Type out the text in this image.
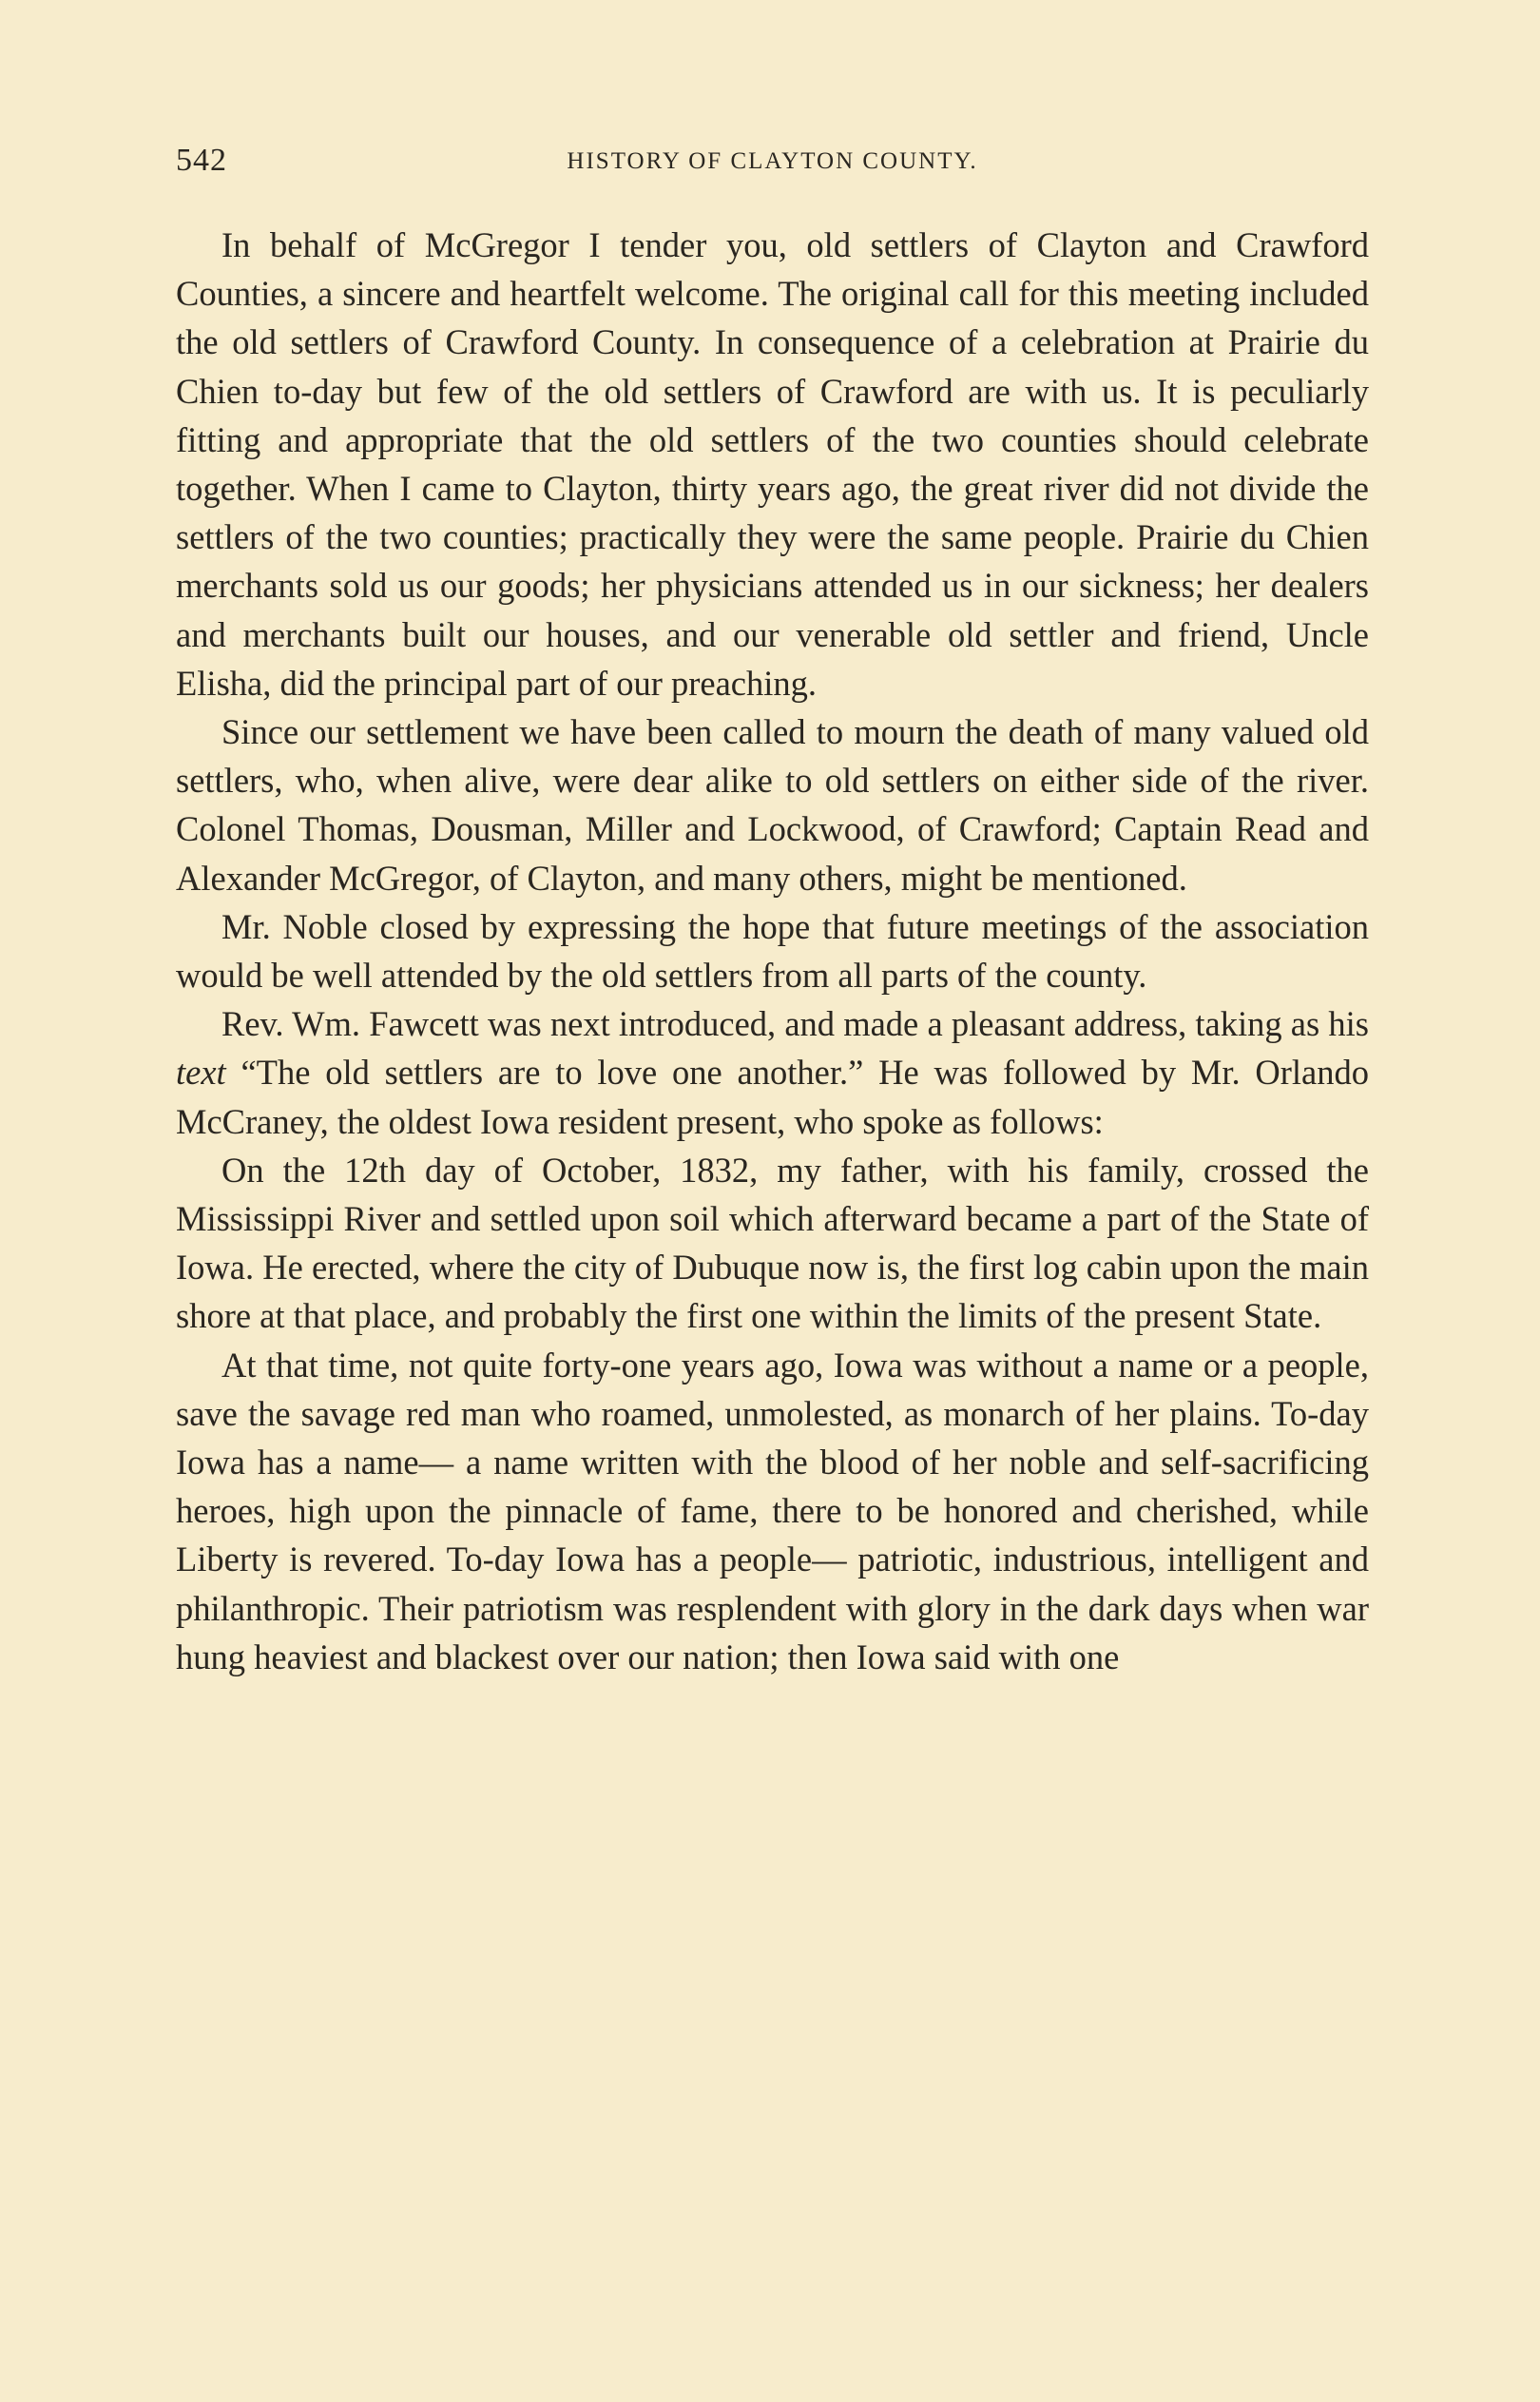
542	HISTORY OF CLAYTON COUNTY.

In behalf of McGregor I tender you, old settlers of Clayton and Crawford Counties, a sincere and heartfelt welcome. The original call for this meeting included the old settlers of Crawford County. In consequence of a celebration at Prairie du Chien to-day but few of the old settlers of Crawford are with us. It is peculiarly fitting and appropriate that the old settlers of the two counties should celebrate together. When I came to Clayton, thirty years ago, the great river did not divide the settlers of the two counties; practically they were the same people. Prairie du Chien merchants sold us our goods; her physicians attended us in our sickness; her dealers and merchants built our houses, and our venerable old settler and friend, Uncle Elisha, did the principal part of our preaching.

Since our settlement we have been called to mourn the death of many valued old settlers, who, when alive, were dear alike to old settlers on either side of the river. Colonel Thomas, Dous​man, Miller and Lockwood, of Crawford; Captain Read and Alexander McGregor, of Clayton, and many others, might be mentioned.

Mr. Noble closed by expressing the hope that future meetings of the association would be well attended by the old settlers from all parts of the county.

Rev. Wm. Fawcett was next introduced, and made a pleasant address, taking as his text “The old settlers are to love one an​other.” He was followed by Mr. Orlando McCraney, the oldest Iowa resident present, who spoke as follows:

On the 12th day of October, 1832, my father, with his family, crossed the Mississippi River and settled upon soil which after​ward became a part of the State of Iowa. He erected, where the city of Dubuque now is, the first log cabin upon the main shore at that place, and probably the first one within the limits of the present State.

At that time, not quite forty-one years ago, Iowa was without a name or a people, save the savage red man who roamed, un​molested, as monarch of her plains. To-day Iowa has a name— a name written with the blood of her noble and self-sacrificing heroes, high upon the pinnacle of fame, there to be honored and cherished, while Liberty is revered. To-day Iowa has a people— patriotic, industrious, intelligent and philanthropic. Their patriot​ism was resplendent with glory in the dark days when war hung heaviest and blackest over our nation; then Iowa said with one
